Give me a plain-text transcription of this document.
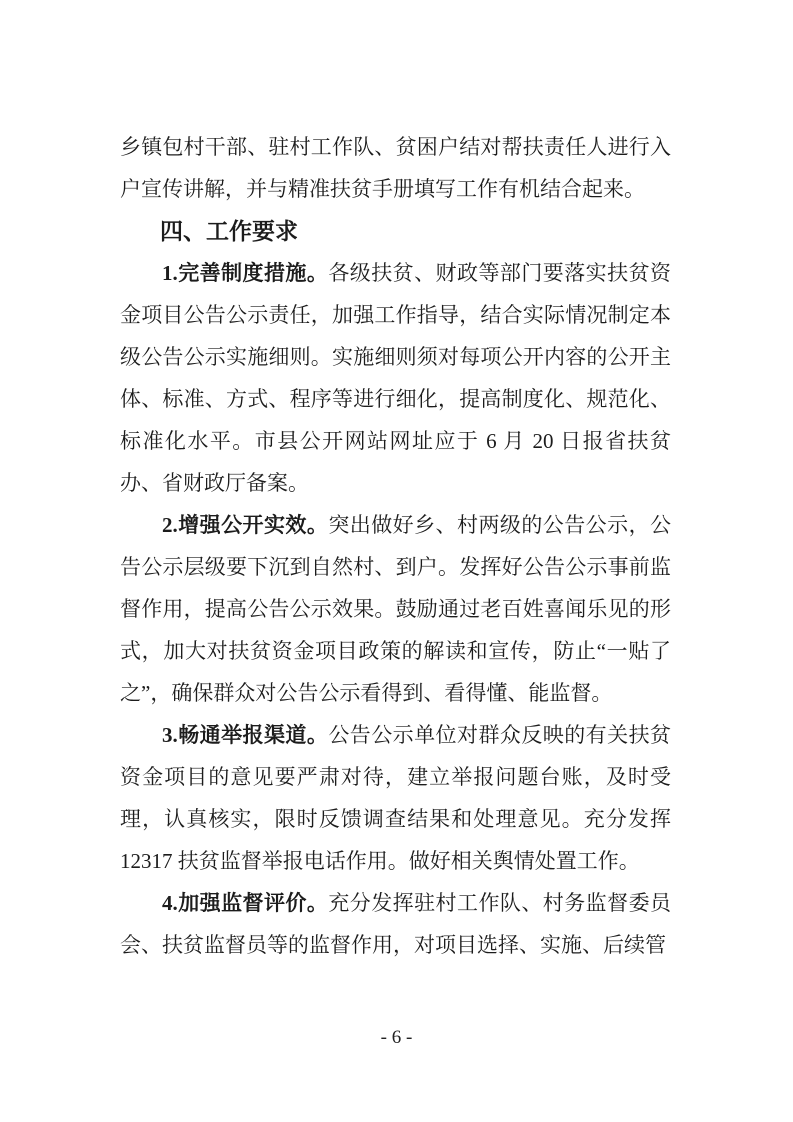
乡镇包村干部、驻村工作队、贫困户结对帮扶责任人进行入户宣传讲解，并与精准扶贫手册填写工作有机结合起来。

四、工作要求

1.完善制度措施。各级扶贫、财政等部门要落实扶贫资金项目公告公示责任，加强工作指导，结合实际情况制定本级公告公示实施细则。实施细则须对每项公开内容的公开主体、标准、方式、程序等进行细化，提高制度化、规范化、标准化水平。市县公开网站网址应于 6 月 20 日报省扶贫办、省财政厅备案。

2.增强公开实效。突出做好乡、村两级的公告公示，公告公示层级要下沉到自然村、到户。发挥好公告公示事前监督作用，提高公告公示效果。鼓励通过老百姓喜闻乐见的形式，加大对扶贫资金项目政策的解读和宣传，防止“一贴了之”，确保群众对公告公示看得到、看得懂、能监督。

3.畅通举报渠道。公告公示单位对群众反映的有关扶贫资金项目的意见要严肃对待，建立举报问题台账，及时受理，认真核实，限时反馈调查结果和处理意见。充分发挥 12317 扶贫监督举报电话作用。做好相关舆情处置工作。

4.加强监督评价。充分发挥驻村工作队、村务监督委员会、扶贫监督员等的监督作用，对项目选择、实施、后续管

- 6 -
